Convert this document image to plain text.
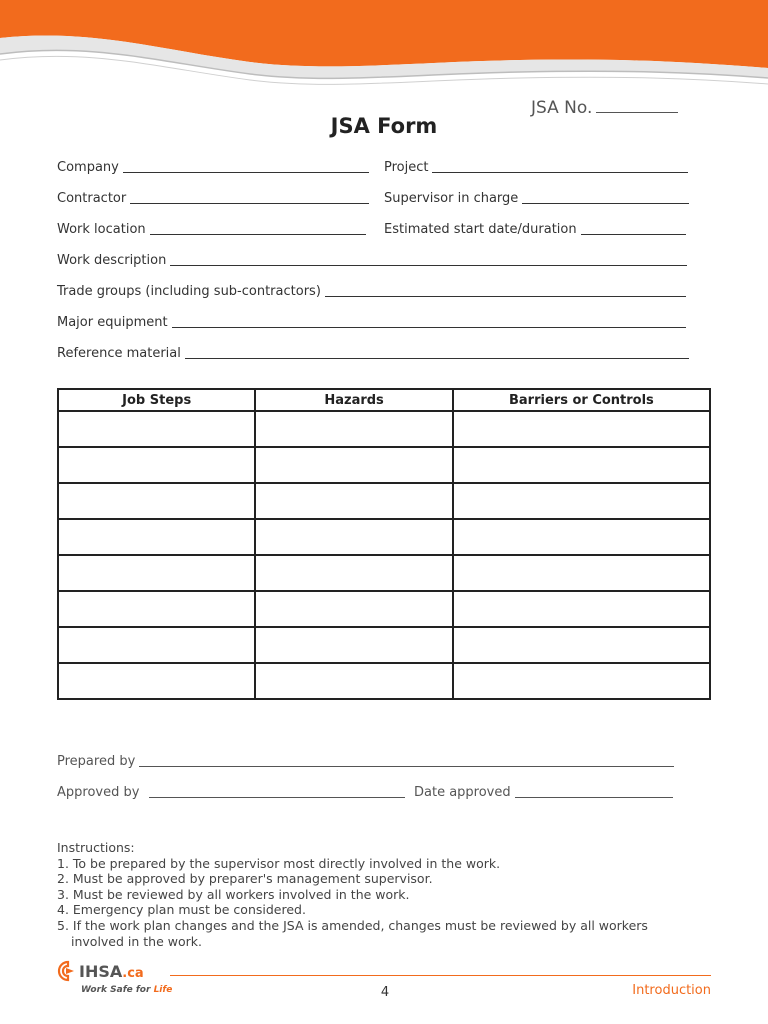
JSA No.
JSA Form
Company	Project
Contractor	Supervisor in charge
Work location	Estimated start date/duration
Work description
Trade groups (including sub-contractors)
Major equipment
Reference material
Job Steps	Hazards	Barriers or Controls

Prepared by
Approved by	Date approved
Instructions:
1. To be prepared by the supervisor most directly involved in the work.
2. Must be approved by preparer's management supervisor.
3. Must be reviewed by all workers involved in the work.
4. Emergency plan must be considered.
5. If the work plan changes and the JSA is amended, changes must be reviewed by all workers
involved in the work.
IHSA.ca
Work Safe for Life	4	Introduction
